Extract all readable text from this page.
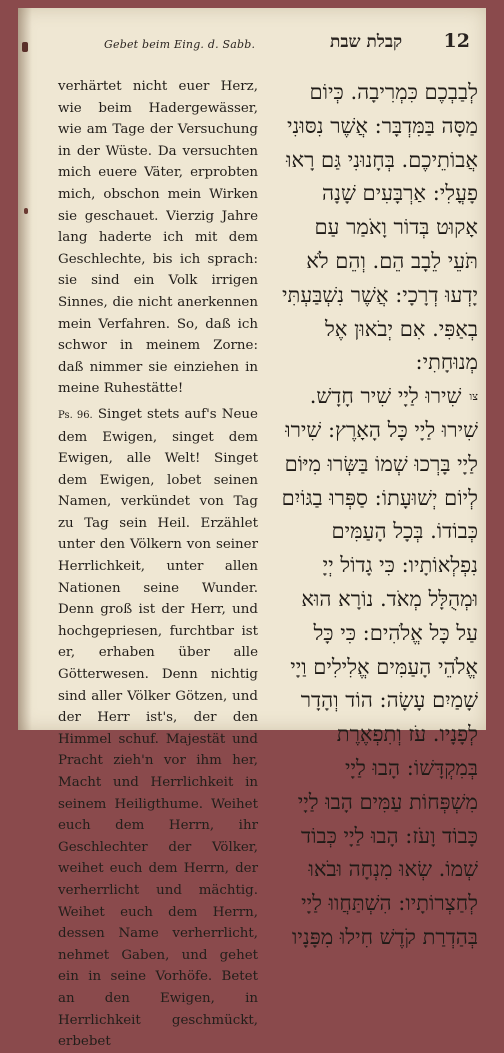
Gebet beim Eing. d. Sabb.	קבלת שבת 12

verhärtet nicht euer Herz, wie beim Hadergewässer, wie am Tage der Versuchung in der Wüste. Da versuchten mich euere Väter, erprobten mich, obschon mein Wirken sie geschauet. Vierzig Jahre lang haderte ich mit dem Geschlechte, bis ich sprach: sie sind ein Volk irrigen Sinnes, die nicht anerkennen mein Verfahren. So, daß ich schwor in meinem Zorne: daß nimmer sie einziehen in meine Ruhestätte!

Ps. 96. Singet stets auf's Neue dem Ewigen, singet dem Ewigen, alle Welt! Singet dem Ewigen, lobet seinen Namen, verkündet von Tag zu Tag sein Heil. Erzählet unter den Völkern von seiner Herrlichkeit, unter allen Nationen seine Wunder. Denn groß ist der Herr, und hochgepriesen, furchtbar ist er, erhaben über alle Götterwesen. Denn nichtig sind aller Völker Götzen, und der Herr ist's, der den Himmel schuf. Majestät und Pracht zieh'n vor ihm her, Macht und Herrlichkeit in seinem Heiligthume. Weihet euch dem Herrn, ihr Geschlechter der Völker, weihet euch dem Herrn, der verherrlicht und mächtig. Weihet euch dem Herrn, dessen Name verherrlicht, nehmet Gaben, und gehet ein in seine Vorhöfe. Betet an den Ewigen, in Herrlichkeit geschmückt, erbebet

לְבַבְכֶם כִּמְרִיבָה. כְּיוֹם
מַסָּה בַּמִּדְבָּר: אֲשֶׁר נִסּוּנִי
אֲבוֹתֵיכֶם. בְּחָנוּנִי גַּם רָאוּ
פָעֳלִי: אַרְבָּעִים שָׁנָה
אָקוּט בְּדוֹר וָאֹמַר עַם
תֹּעֵי לֵבָב הֵם. וְהֵם לֹא
יָדְעוּ דְרָכָי: אֲשֶׁר נִשְׁבַּעְתִּי
בְאַפִּי. אִם יְבֹאוּן אֶל
מְנוּחָתִי:
צו
שִׁירוּ לַיָי שִׁיר חָדָשׁ.
שִׁירוּ לַיָי כָּל הָאָרֶץ: שִׁירוּ
לַיָי בָּרְכוּ שְׁמוֹ בַּשְּׂרוּ מִיּוֹם
לְיוֹם יְשׁוּעָתוֹ: סַפְּרוּ בַגּוֹיִם
כְּבוֹדוֹ. בְּכָל הָעַמִּים
נִפְלְאוֹתָיו: כִּי גָדוֹל יְיָ
וּמְהֻלָּל מְאֹד. נוֹרָא הוּא
עַל כָּל אֱלֹהִים: כִּי כָּל
אֱלֹהֵי הָעַמִּים אֱלִילִים וַיָי
שָׁמַיִם עָשָׂה: הוֹד וְהָדָר
לְפָנָיו. עֹז וְתִפְאֶרֶת
בְּמִקְדָּשׁוֹ: הָבוּ לַיָי
מִשְׁפְּחוֹת עַמִּים הָבוּ לַיָי
כָּבוֹד וָעֹז: הָבוּ לַיָי כְּבוֹד
שְׁמוֹ. שְׂאוּ מִנְחָה וּבֹאוּ
לְחַצְרוֹתָיו: הִשְׁתַּחֲווּ לַיָי
בְּהַדְרַת קֹדֶשׁ חִילוּ מִפָּנָיו
